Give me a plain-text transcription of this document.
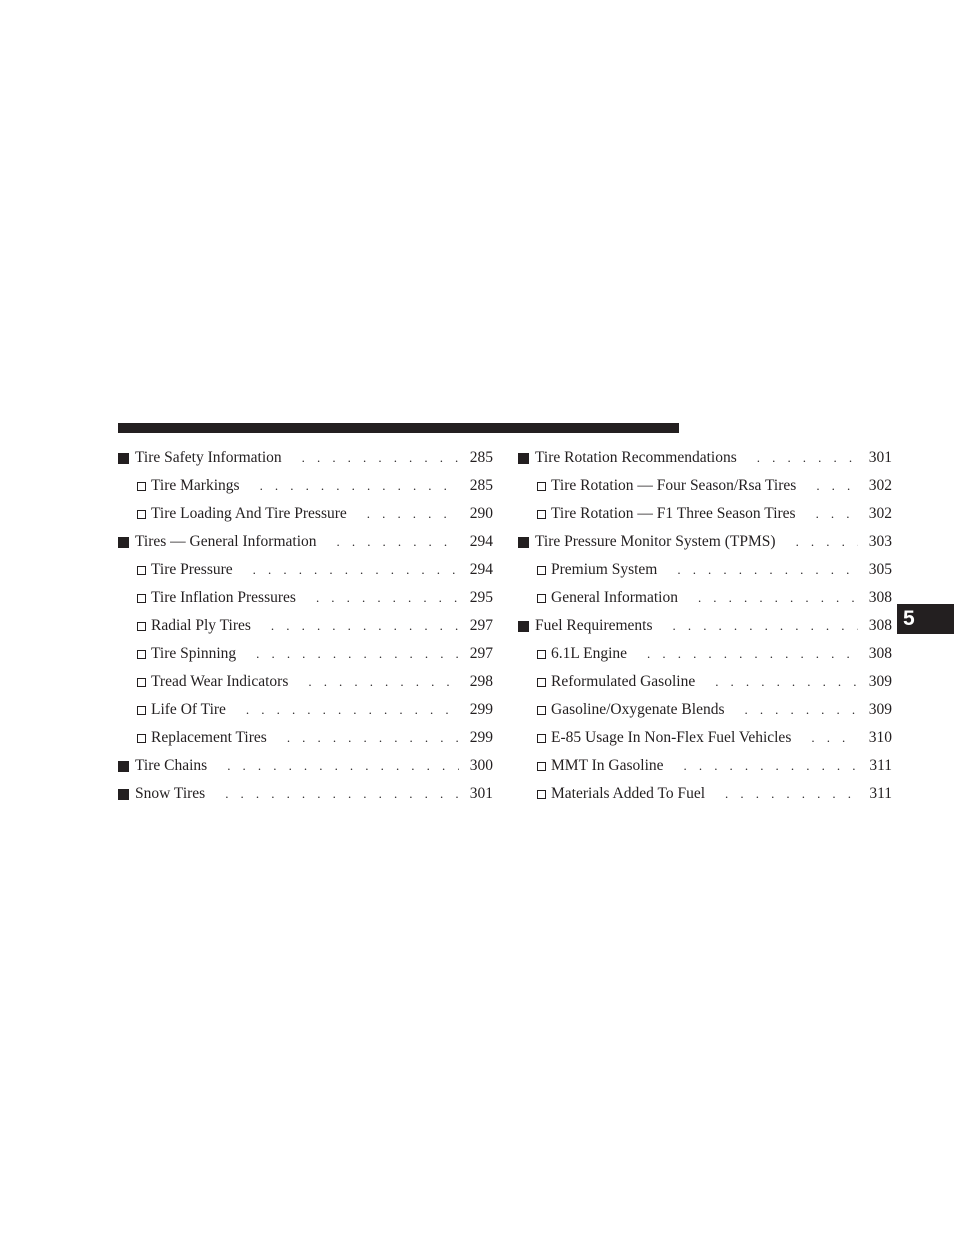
Tire Safety Information . . .	285
Tire Markings . . .	285
Tire Loading And Tire Pressure . . .	290
Tires — General Information . . .	294
Tire Pressure . . .	294
Tire Inflation Pressures . . .	295
Radial Ply Tires . . .	297
Tire Spinning . . .	297
Tread Wear Indicators . . .	298
Life Of Tire . . .	299
Replacement Tires . . .	299
Tire Chains . . .	300
Snow Tires . . .	301
Tire Rotation Recommendations . . .	301
Tire Rotation — Four Season/Rsa Tires . . .	302
Tire Rotation — F1 Three Season Tires . . .	302
Tire Pressure Monitor System (TPMS) . . .	303
Premium System . . .	305
General Information . . .	308
Fuel Requirements . . .	308
6.1L Engine . . .	308
Reformulated Gasoline . . .	309
Gasoline/Oxygenate Blends . . .	309
E-85 Usage In Non-Flex Fuel Vehicles . . .	310
MMT In Gasoline . . .	311
Materials Added To Fuel . . .	311
5
